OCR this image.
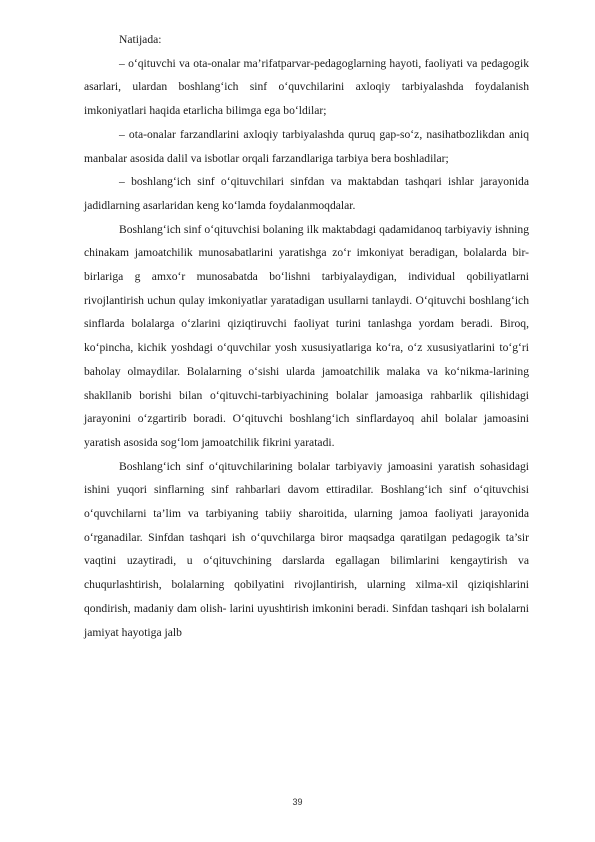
Natijada:

– o‘qituvchi va ota-onalar ma’rifatparvar-pedagoglarning hayoti, faoliyati va pedagogik asarlari, ulardan boshlang‘ich sinf o‘quvchilarini axloqiy tarbiyalashda foydalanish imkoniyatlari haqida etarlicha bilimga ega bo‘ldilar;

– ota-onalar farzandlarini axloqiy tarbiyalashda quruq gap-so‘z, nasihatbozlikdan aniq manbalar asosida dalil va isbotlar orqali farzandlariga tarbiya bera boshladilar;

– boshlang‘ich sinf o‘qituvchilari sinfdan va maktabdan tashqari ishlar jarayonida jadidlarning asarlaridan keng ko‘lamda foydalanmoqdalar.

Boshlang‘ich sinf o‘qituvchisi bolaning ilk maktabdagi qadamidanoq tarbiyaviy ishning chinakam jamoatchilik munosabatlarini yaratishga zo‘r imkoniyat beradigan, bolalarda bir-birlariga g amxo‘r munosabatda bo‘lishni tarbiyalaydigan, individual qobiliyatlarni rivojlantirish uchun qulay imkoniyatlar yaratadigan usullarni tanlaydi. O‘qituvchi boshlang‘ich sinflarda bolalarga o‘zlarini qiziqtiruvchi faoliyat turini tanlashga yordam beradi. Biroq, ko‘pincha, kichik yoshdagi o‘quvchilar yosh xususiyatlariga ko‘ra, o‘z xususiyatlarini to‘g‘ri baholay olmaydilar. Bolalarning o‘sishi ularda jamoatchilik malaka va ko‘nikma-larining shakllanib borishi bilan o‘qituvchi-tarbiyachining bolalar jamoasiga rahbarlik qilishidagi jarayonini o‘zgartirib boradi. O‘qituvchi boshlang‘ich sinflardayoq ahil bolalar jamoasini yaratish asosida sog‘lom jamoatchilik fikrini yaratadi.

Boshlang‘ich sinf o‘qituvchilarining bolalar tarbiyaviy jamoasini yaratish sohasidagi ishini yuqori sinflarning sinf rahbarlari davom ettiradilar. Boshlang‘ich sinf o‘qituvchisi o‘quvchilarni ta’lim va tarbiyaning tabiiy sharoitida, ularning jamoa faoliyati jarayonida o‘rganadilar. Sinfdan tashqari ish o‘quvchilarga biror maqsadga qaratilgan pedagogik ta’sir vaqtini uzaytiradi, u o‘qituvchining darslarda egallagan bilimlarini kengaytirish va chuqurlashtirish, bolalarning qobilyatini rivojlantirish, ularning xilma-xil qiziqishlarini qondirish, madaniy dam olish- larini uyushtirish imkonini beradi. Sinfdan tashqari ish bolalarni jamiyat hayotiga jalb

39
